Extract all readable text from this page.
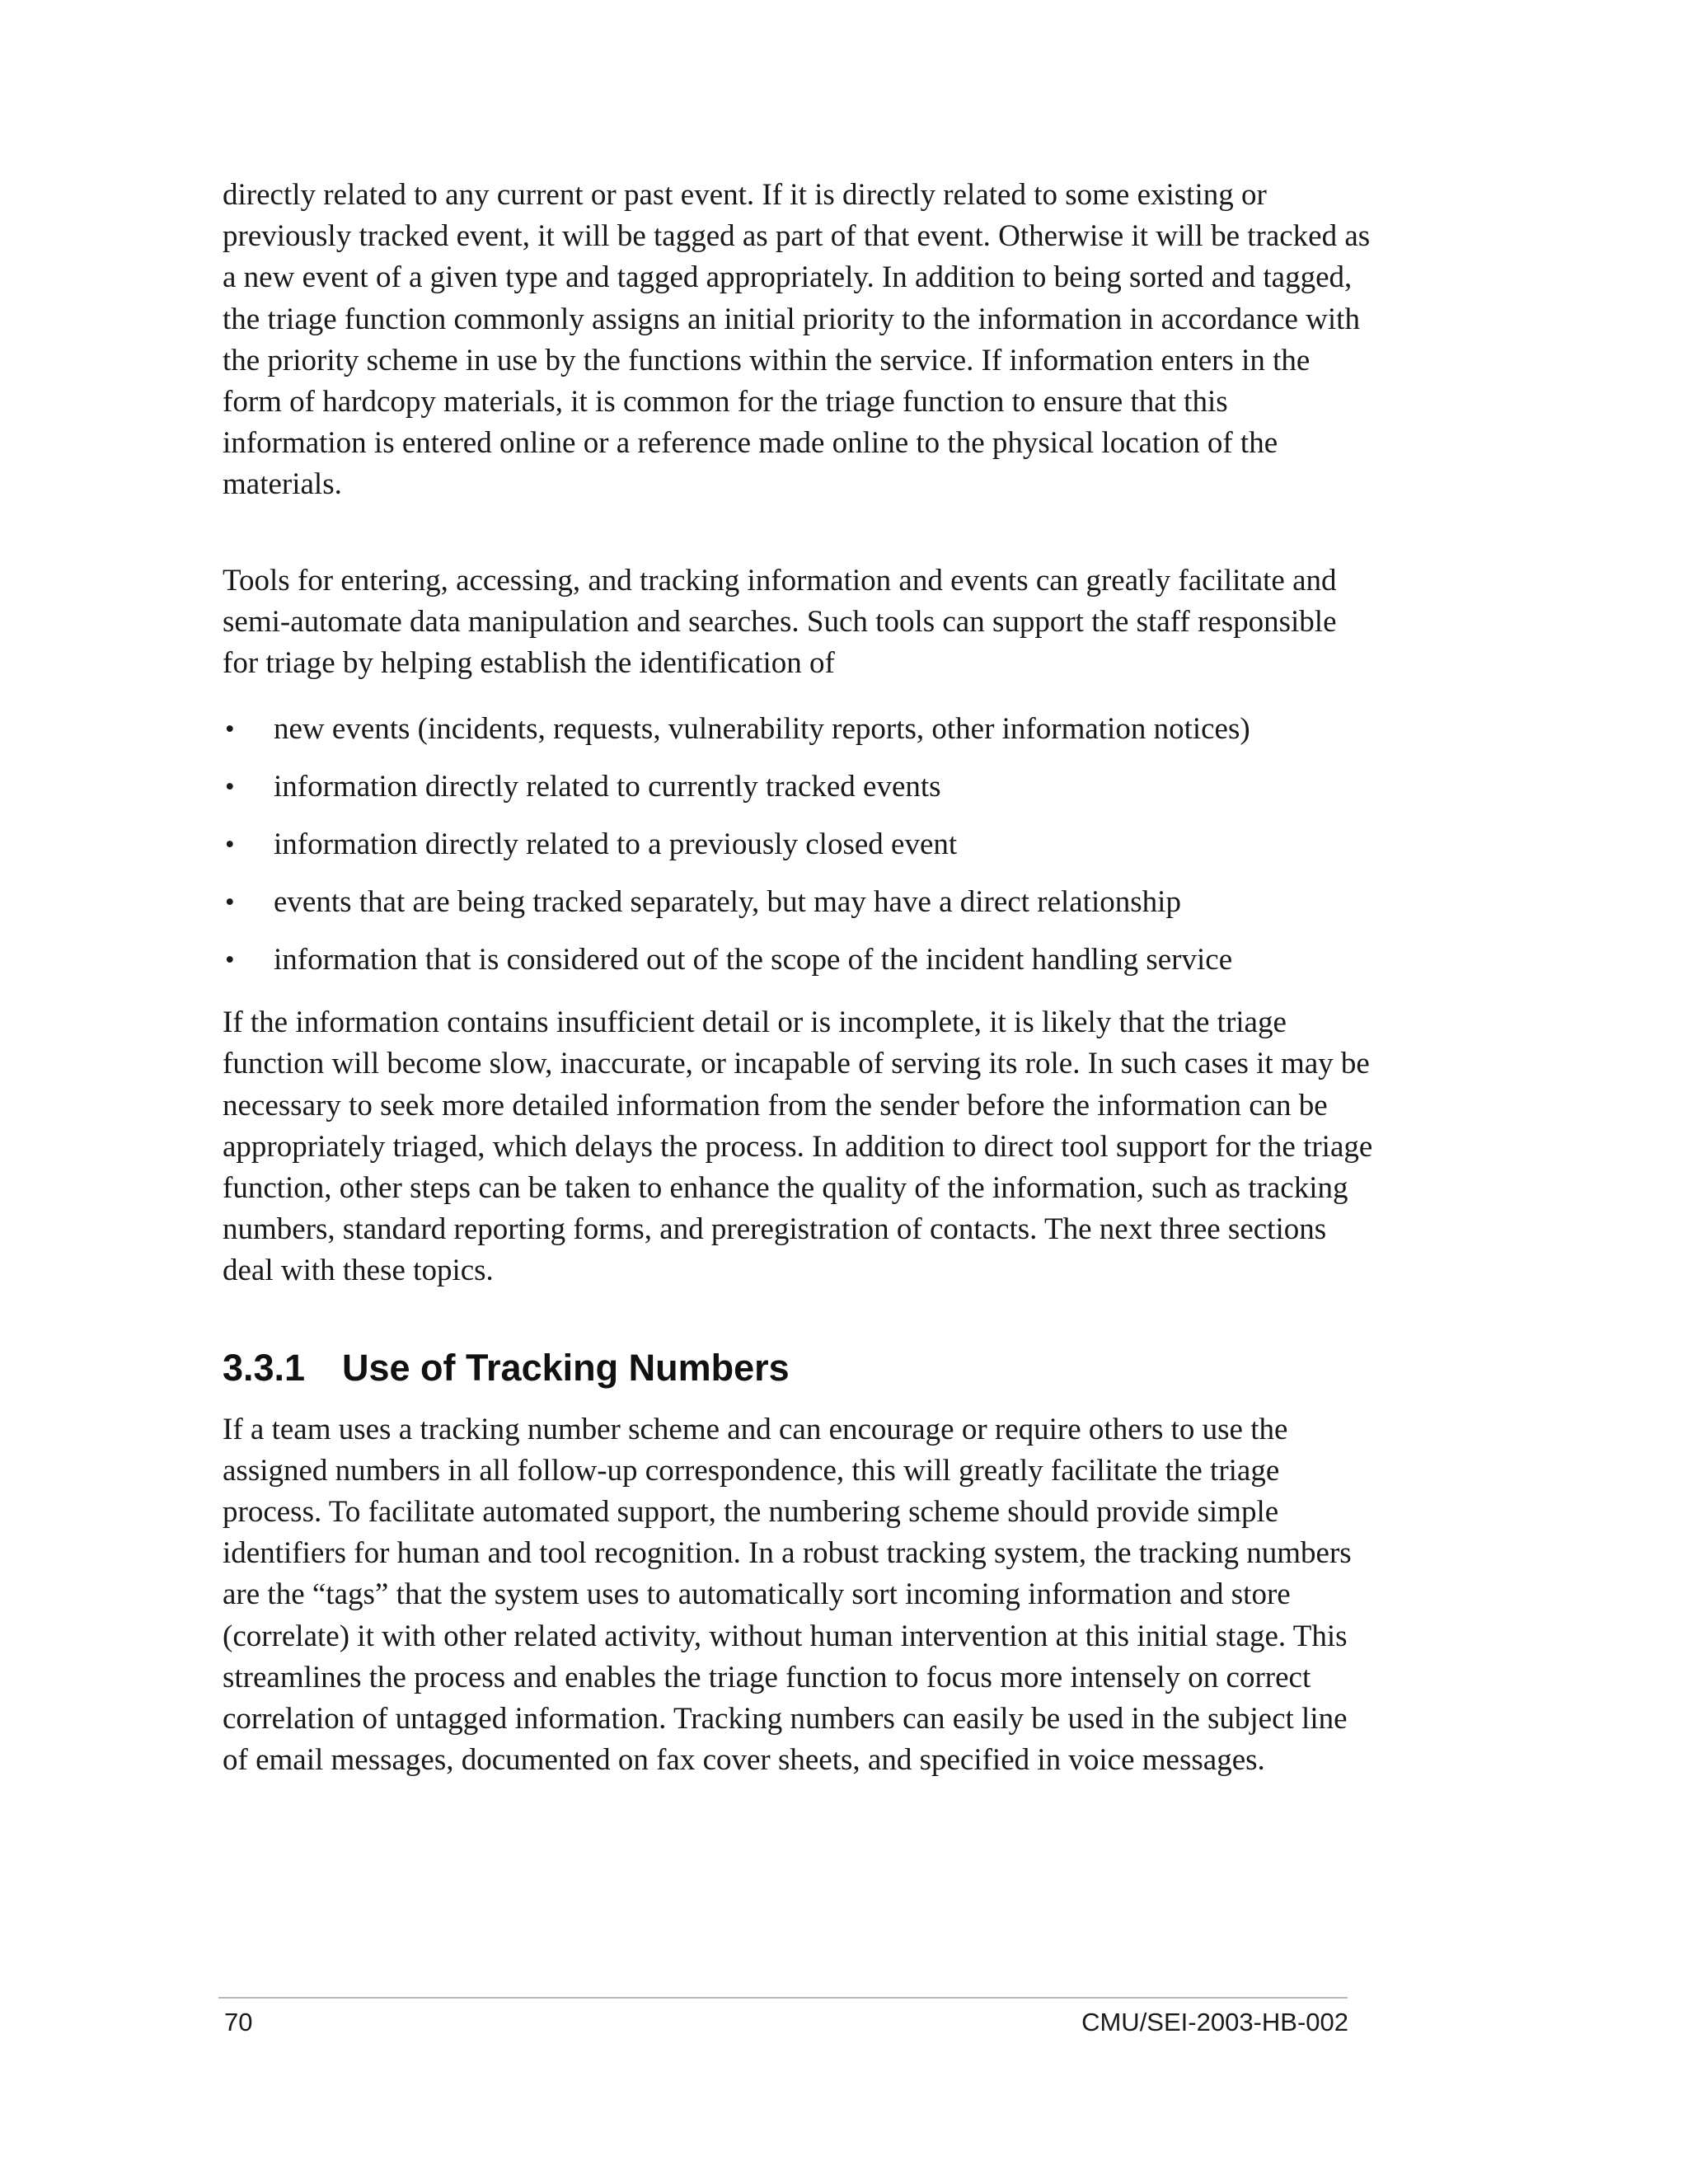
directly related to any current or past event. If it is directly related to some existing or previously tracked event, it will be tagged as part of that event. Otherwise it will be tracked as a new event of a given type and tagged appropriately. In addition to being sorted and tagged, the triage function commonly assigns an initial priority to the information in accordance with the priority scheme in use by the functions within the service. If information enters in the form of hardcopy materials, it is common for the triage function to ensure that this information is entered online or a reference made online to the physical location of the materials.

Tools for entering, accessing, and tracking information and events can greatly facilitate and semi-automate data manipulation and searches. Such tools can support the staff responsible for triage by helping establish the identification of

• new events (incidents, requests, vulnerability reports, other information notices)
• information directly related to currently tracked events
• information directly related to a previously closed event
• events that are being tracked separately, but may have a direct relationship
• information that is considered out of the scope of the incident handling service

If the information contains insufficient detail or is incomplete, it is likely that the triage function will become slow, inaccurate, or incapable of serving its role. In such cases it may be necessary to seek more detailed information from the sender before the information can be appropriately triaged, which delays the process. In addition to direct tool support for the triage function, other steps can be taken to enhance the quality of the information, such as tracking numbers, standard reporting forms, and preregistration of contacts. The next three sections deal with these topics.

3.3.1 Use of Tracking Numbers

If a team uses a tracking number scheme and can encourage or require others to use the assigned numbers in all follow-up correspondence, this will greatly facilitate the triage process. To facilitate automated support, the numbering scheme should provide simple identifiers for human and tool recognition. In a robust tracking system, the tracking numbers are the “tags” that the system uses to automatically sort incoming information and store (correlate) it with other related activity, without human intervention at this initial stage. This streamlines the process and enables the triage function to focus more intensely on correct correlation of untagged information. Tracking numbers can easily be used in the subject line of email messages, documented on fax cover sheets, and specified in voice messages.

70	CMU/SEI-2003-HB-002
